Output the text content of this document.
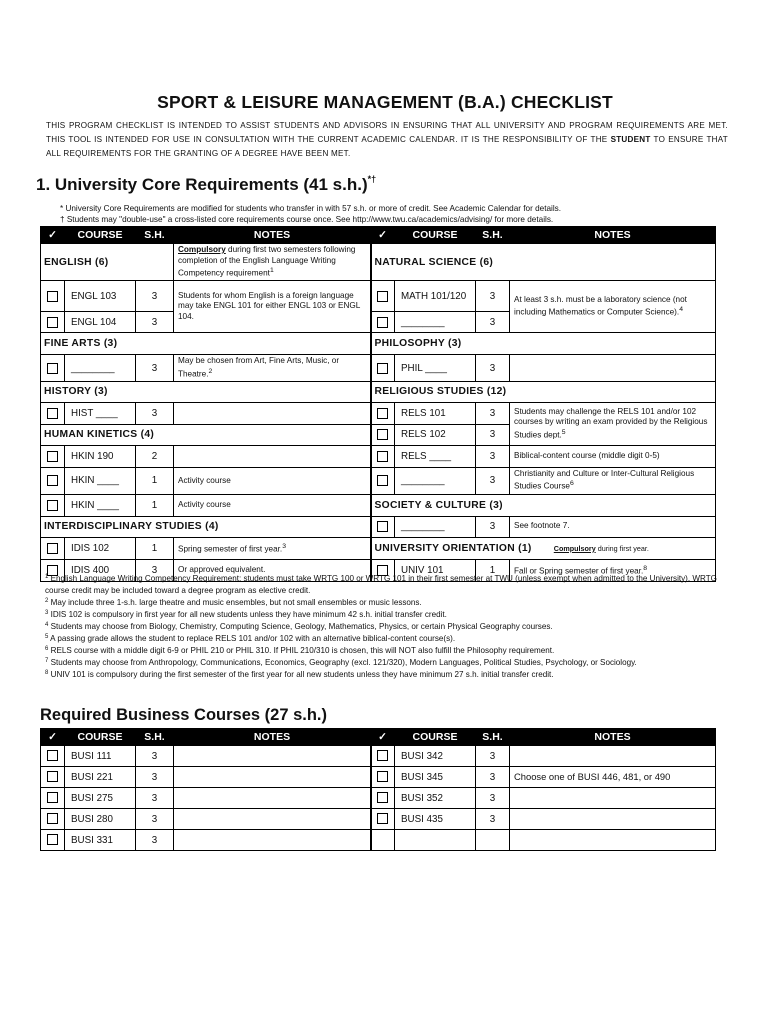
SPORT & LEISURE MANAGEMENT (B.A.) CHECKLIST
THIS PROGRAM CHECKLIST IS INTENDED TO ASSIST STUDENTS AND ADVISORS IN ENSURING THAT ALL UNIVERSITY AND PROGRAM REQUIREMENTS ARE MET. THIS TOOL IS INTENDED FOR USE IN CONSULTATION WITH THE CURRENT ACADEMIC CALENDAR. IT IS THE RESPONSIBILITY OF THE STUDENT TO ENSURE THAT ALL REQUIREMENTS FOR THE GRANTING OF A DEGREE HAVE BEEN MET.
1. University Core Requirements (41 s.h.)*†
* University Core Requirements are modified for students who transfer in with 57 s.h. or more of credit. See Academic Calendar for details.
† Students may "double-use" a cross-listed core requirements course once. See http://www.twu.ca/academics/advising/ for more details.
✓	COURSE	S.H.	NOTES	✓	COURSE	S.H.	NOTES
ENGLISH (6)			Compulsory during first two semesters following completion of the English Language Writing Competency requirement$^1$	NATURAL SCIENCE (6)			
	ENGL 103	3	Students for whom English is a foreign language may take ENGL 101 for either ENGL 103 or ENGL 104.		MATH 101/120	3	At least 3 s.h. must be a laboratory science (not including Mathematics or Computer Science).$^4$
	ENGL 104	3			________	3	
FINE ARTS (3)				PHILOSOPHY (3)			
	________	3	May be chosen from Art, Fine Arts, Music, or Theatre.$^2$		PHIL ____	3	
HISTORY (3)				RELIGIOUS STUDIES (12)			
	HIST ____	3			RELS 101	3	Students may challenge the RELS 101 and/or 102 courses by writing an exam provided by the Religious Studies dept.$^5$
HUMAN KINETICS (4)					RELS 102	3	
	HKIN 190	2			RELS ____	3	Biblical-content course (middle digit 0-5)
	HKIN ____	1	Activity course		________	3	Christianity and Culture or Inter-Cultural Religious Studies Course$^6$
	HKIN ____	1	Activity course	SOCIETY & CULTURE (3)			
INTERDISCIPLINARY STUDIES (4)					________	3	See footnote 7.
	IDIS 102	1	Spring semester of first year.$^3$	UNIVERSITY ORIENTATION (1) Compulsory during first year.			
	IDIS 400	3	Or approved equivalent.		UNIV 101	1	Fall or Spring semester of first year.$^8$
$^1$ English Language Writing Competency Requirement: students must take WRTG 100 or WRTG 101 in their first semester at TWU (unless exempt when admitted to the University). WRTG course credit may be included toward a degree program as elective credit.
$^2$ May include three 1-s.h. large theatre and music ensembles, but not small ensembles or music lessons.
$^3$ IDIS 102 is compulsory in first year for all new students unless they have minimum 42 s.h. initial transfer credit.
$^4$ Students may choose from Biology, Chemistry, Computing Science, Geology, Mathematics, Physics, or certain Physical Geography courses.
$^5$ A passing grade allows the student to replace RELS 101 and/or 102 with an alternative biblical-content course(s).
$^6$ RELS course with a middle digit 6-9 or PHIL 210 or PHIL 310. If PHIL 210/310 is chosen, this will NOT also fulfill the Philosophy requirement.
$^7$ Students may choose from Anthropology, Communications, Economics, Geography (excl. 121/320), Modern Languages, Political Studies, Psychology, or Sociology.
$^8$ UNIV 101 is compulsory during the first semester of the first year for all new students unless they have minimum 27 s.h. initial transfer credit.
Required Business Courses (27 s.h.)
✓	COURSE	S.H.	NOTES	✓	COURSE	S.H.	NOTES
	BUSI 111	3			BUSI 342	3	
	BUSI 221	3			BUSI 345	3	Choose one of BUSI 446, 481, or 490
	BUSI 275	3			BUSI 352	3	
	BUSI 280	3			BUSI 435	3	
	BUSI 331	3					
